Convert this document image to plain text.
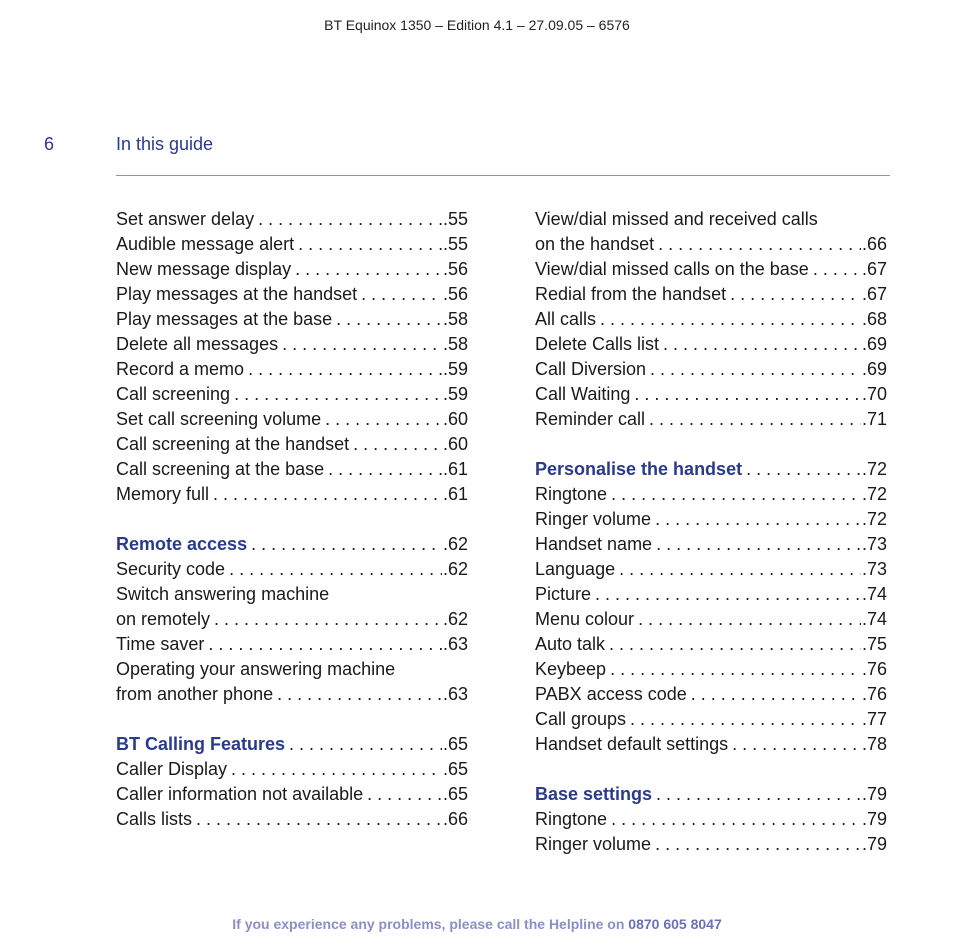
BT Equinox 1350 – Edition 4.1 – 27.09.05 – 6576
6	In this guide
Set answer delay . . .	.55
Audible message alert . . .	.55
New message display . . .	.56
Play messages at the handset . . .	.56
Play messages at the base . . .	.58
Delete all messages . . .	.58
Record a memo . . .	.59
Call screening . . .	.59
Set call screening volume . . .	.60
Call screening at the handset . . .	.60
Call screening at the base . . .	.61
Memory full . . .	.61
Remote access . . .	.62
Security code . . .	.62
Switch answering machine
on remotely . . .	.62
Time saver . . .	.63
Operating your answering machine
from another phone . . .	.63
BT Calling Features . . .	.65
Caller Display . . .	.65
Caller information not available . . .	.65
Calls lists . . .	.66
View/dial missed and received calls
on the handset . . .	.66
View/dial missed calls on the base . . .	.67
Redial from the handset . . .	.67
All calls . . .	.68
Delete Calls list . . .	.69
Call Diversion . . .	.69
Call Waiting . . .	.70
Reminder call . . .	.71
Personalise the handset . . .	.72
Ringtone . . .	.72
Ringer volume . . .	.72
Handset name . . .	.73
Language . . .	.73
Picture . . .	.74
Menu colour . . .	.74
Auto talk . . .	.75
Keybeep . . .	.76
PABX access code . . .	.76
Call groups . . .	.77
Handset default settings . . .	.78
Base settings . . .	.79
Ringtone . . .	.79
Ringer volume . . .	.79
If you experience any problems, please call the Helpline on 0870 605 8047
